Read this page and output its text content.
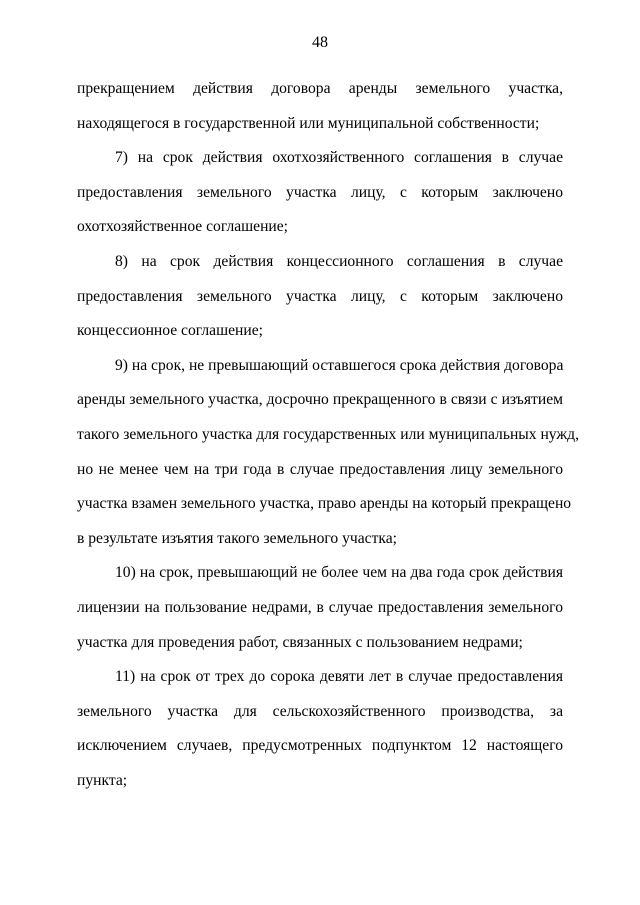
48
прекращением действия договора аренды земельного участка,
находящегося в государственной или муниципальной собственности;
7) на срок действия охотхозяйственного соглашения в случае
предоставления земельного участка лицу, с которым заключено
охотхозяйственное соглашение;
8) на срок действия концессионного соглашения в случае
предоставления земельного участка лицу, с которым заключено
концессионное соглашение;
9) на срок, не превышающий оставшегося срока действия договора
аренды земельного участка, досрочно прекращенного в связи с изъятием
такого земельного участка для государственных или муниципальных нужд,
но не менее чем на три года в случае предоставления лицу земельного
участка взамен земельного участка, право аренды на который прекращено
в результате изъятия такого земельного участка;
10) на срок, превышающий не более чем на два года срок действия
лицензии на пользование недрами, в случае предоставления земельного
участка для проведения работ, связанных с пользованием недрами;
11) на срок от трех до сорока девяти лет в случае предоставления
земельного участка для сельскохозяйственного производства, за
исключением случаев, предусмотренных подпунктом 12 настоящего
пункта;
